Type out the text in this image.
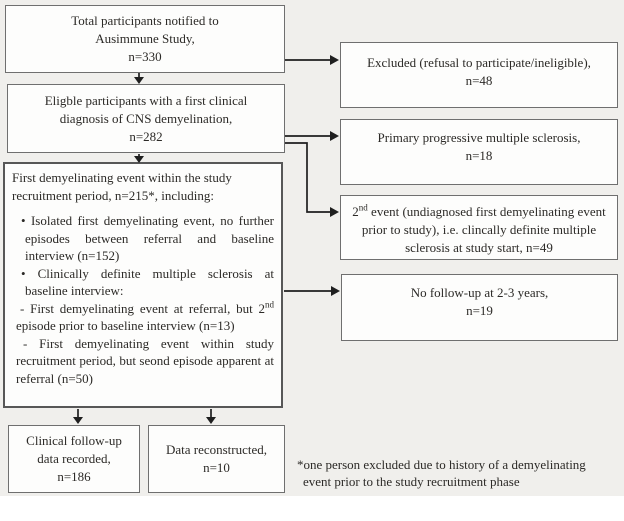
Total participants notified to
Ausimmune Study,
n=330
Eligble participants with a first clinical
diagnosis of CNS demyelination,
n=282

First demyelinating event within the study recruitment period, n=215*, including:

• Isolated first demyelinating event, no further episodes between referral and baseline interview (n=152)

• Clinically definite multiple sclerosis at baseline interview:

- First demyelinating event at referral, but 2nd episode prior to baseline interview (n=13)

- First demyelinating event within study recruitment period, but seond episode apparent at referral (n=50)

Clinical follow-up
data recorded,
n=186
Data reconstructed,
n=10
Excluded (refusal to participate/ineligible),
n=48
Primary progressive multiple sclerosis,
n=18

2nd event (undiagnosed first demyelinating event prior to study), i.e. clincally definite multiple sclerosis at study start, n=49

No follow-up at 2-3 years,
n=19
*one person excluded due to history of a demyelinating
event prior to the study recruitment phase
